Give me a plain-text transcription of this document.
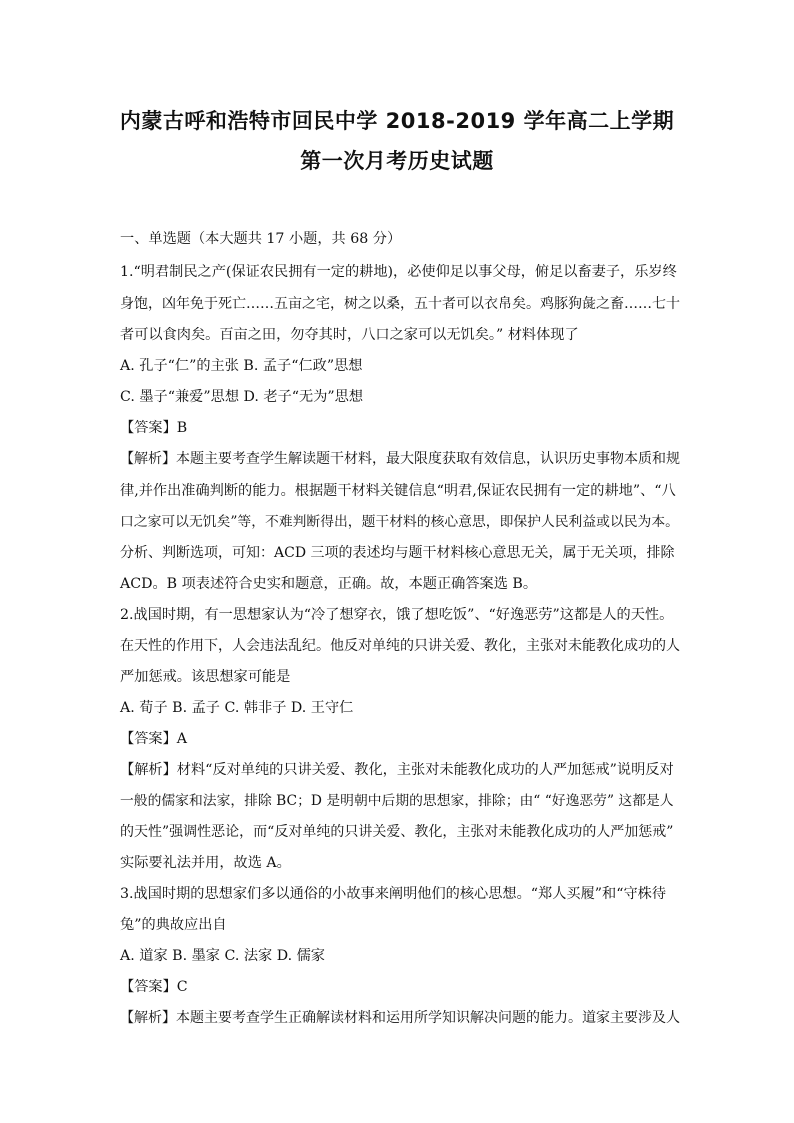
内蒙古呼和浩特市回民中学 2018-2019 学年高二上学期
第一次月考历史试题
一、单选题（本大题共 17 小题，共 68 分）
1.“明君制民之产(保证农民拥有一定的耕地)，必使仰足以事父母，俯足以畜妻子，乐岁终
身饱，凶年免于死亡……五亩之宅，树之以桑，五十者可以衣帛矣。鸡豚狗彘之畜……七十
者可以食肉矣。百亩之田，勿夺其时，八口之家可以无饥矣。” 材料体现了
A. 孔子“仁”的主张 B. 孟子“仁政”思想
C. 墨子“兼爱”思想 D. 老子“无为”思想
【答案】B
【解析】本题主要考查学生解读题干材料，最大限度获取有效信息，认识历史事物本质和规
律,并作出准确判断的能力。根据题干材料关键信息“明君,保证农民拥有一定的耕地”、“八
口之家可以无饥矣”等，不难判断得出，题干材料的核心意思，即保护人民利益或以民为本。
分析、判断选项，可知：ACD 三项的表述均与题干材料核心意思无关，属于无关项，排除
ACD。B 项表述符合史实和题意，正确。故，本题正确答案选 B。
2.战国时期，有一思想家认为“冷了想穿衣，饿了想吃饭”、“好逸恶劳”这都是人的天性。
在天性的作用下，人会违法乱纪。他反对单纯的只讲关爱、教化，主张对未能教化成功的人
严加惩戒。该思想家可能是
A. 荀子 B. 孟子 C. 韩非子 D. 王守仁
【答案】A
【解析】材料“反对单纯的只讲关爱、教化，主张对未能教化成功的人严加惩戒”说明反对
一般的儒家和法家，排除 BC；D 是明朝中后期的思想家，排除；由“ “好逸恶劳” 这都是人
的天性”强调性恶论，而“反对单纯的只讲关爱、教化，主张对未能教化成功的人严加惩戒”
实际要礼法并用，故选 A。
3.战国时期的思想家们多以通俗的小故事来阐明他们的核心思想。“郑人买履”和“守株待
兔”的典故应出自
A. 道家 B. 墨家 C. 法家 D. 儒家
【答案】C
【解析】本题主要考查学生正确解读材料和运用所学知识解决问题的能力。道家主要涉及人
